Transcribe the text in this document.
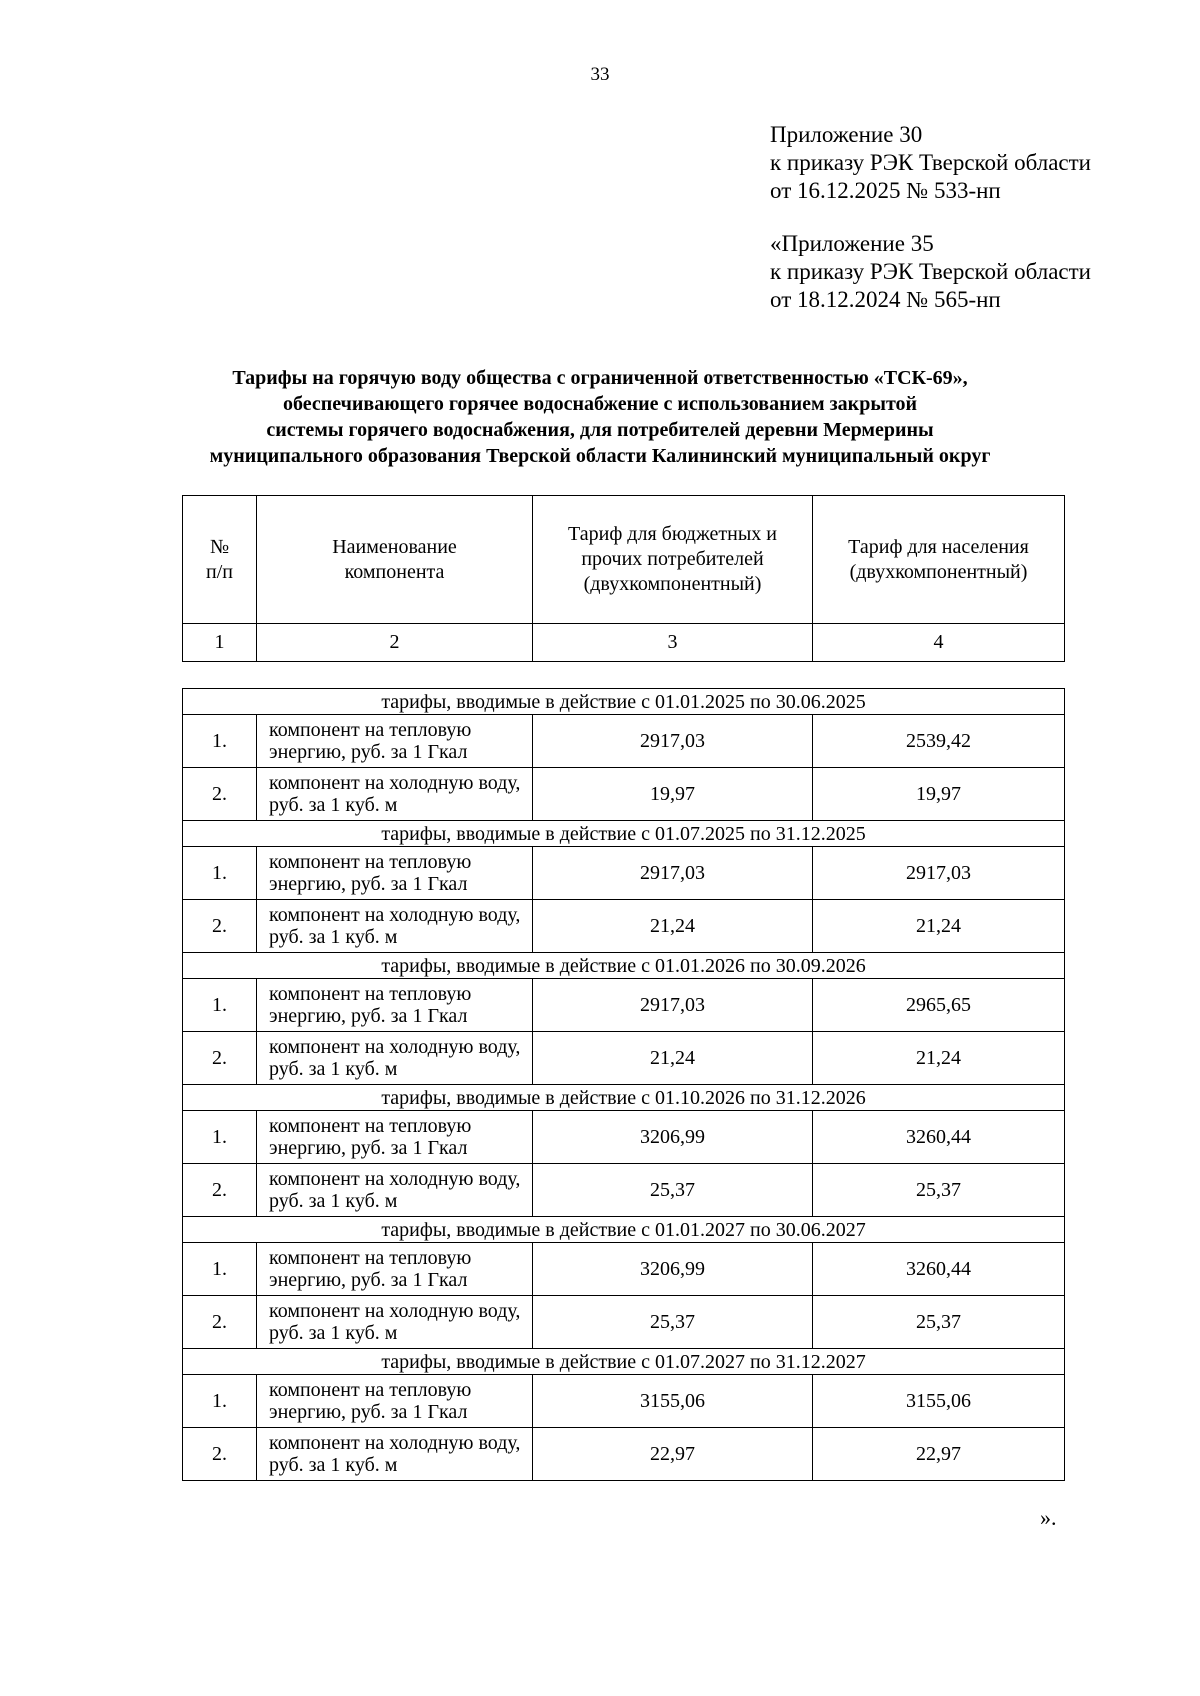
33
Приложение 30
к приказу РЭК Тверской области
от 16.12.2025 № 533-нп
«Приложение 35
к приказу РЭК Тверской области
от 18.12.2024 № 565-нп
Тарифы на горячую воду общества с ограниченной ответственностью «ТСК-69»,
обеспечивающего горячее водоснабжение с использованием закрытой
системы горячего водоснабжения, для потребителей деревни Мермерины
муниципального образования Тверской области Калининский муниципальный округ
№ п/п	Наименование компонента	Тариф для бюджетных и прочих потребителей (двухкомпонентный)	Тариф для населения (двухкомпонентный)
1	2	3	4
тарифы, вводимые в действие с 01.01.2025 по 30.06.2025			
1.	компонент на тепловую энергию, руб. за 1 Гкал	2917,03	2539,42
2.	компонент на холодную воду, руб. за 1 куб. м	19,97	19,97
тарифы, вводимые в действие с 01.07.2025 по 31.12.2025			
1.	компонент на тепловую энергию, руб. за 1 Гкал	2917,03	2917,03
2.	компонент на холодную воду, руб. за 1 куб. м	21,24	21,24
тарифы, вводимые в действие с 01.01.2026 по 30.09.2026			
1.	компонент на тепловую энергию, руб. за 1 Гкал	2917,03	2965,65
2.	компонент на холодную воду, руб. за 1 куб. м	21,24	21,24
тарифы, вводимые в действие с 01.10.2026 по 31.12.2026			
1.	компонент на тепловую энергию, руб. за 1 Гкал	3206,99	3260,44
2.	компонент на холодную воду, руб. за 1 куб. м	25,37	25,37
тарифы, вводимые в действие с 01.01.2027 по 30.06.2027			
1.	компонент на тепловую энергию, руб. за 1 Гкал	3206,99	3260,44
2.	компонент на холодную воду, руб. за 1 куб. м	25,37	25,37
тарифы, вводимые в действие с 01.07.2027 по 31.12.2027			
1.	компонент на тепловую энергию, руб. за 1 Гкал	3155,06	3155,06
2.	компонент на холодную воду, руб. за 1 куб. м	22,97	22,97
».
